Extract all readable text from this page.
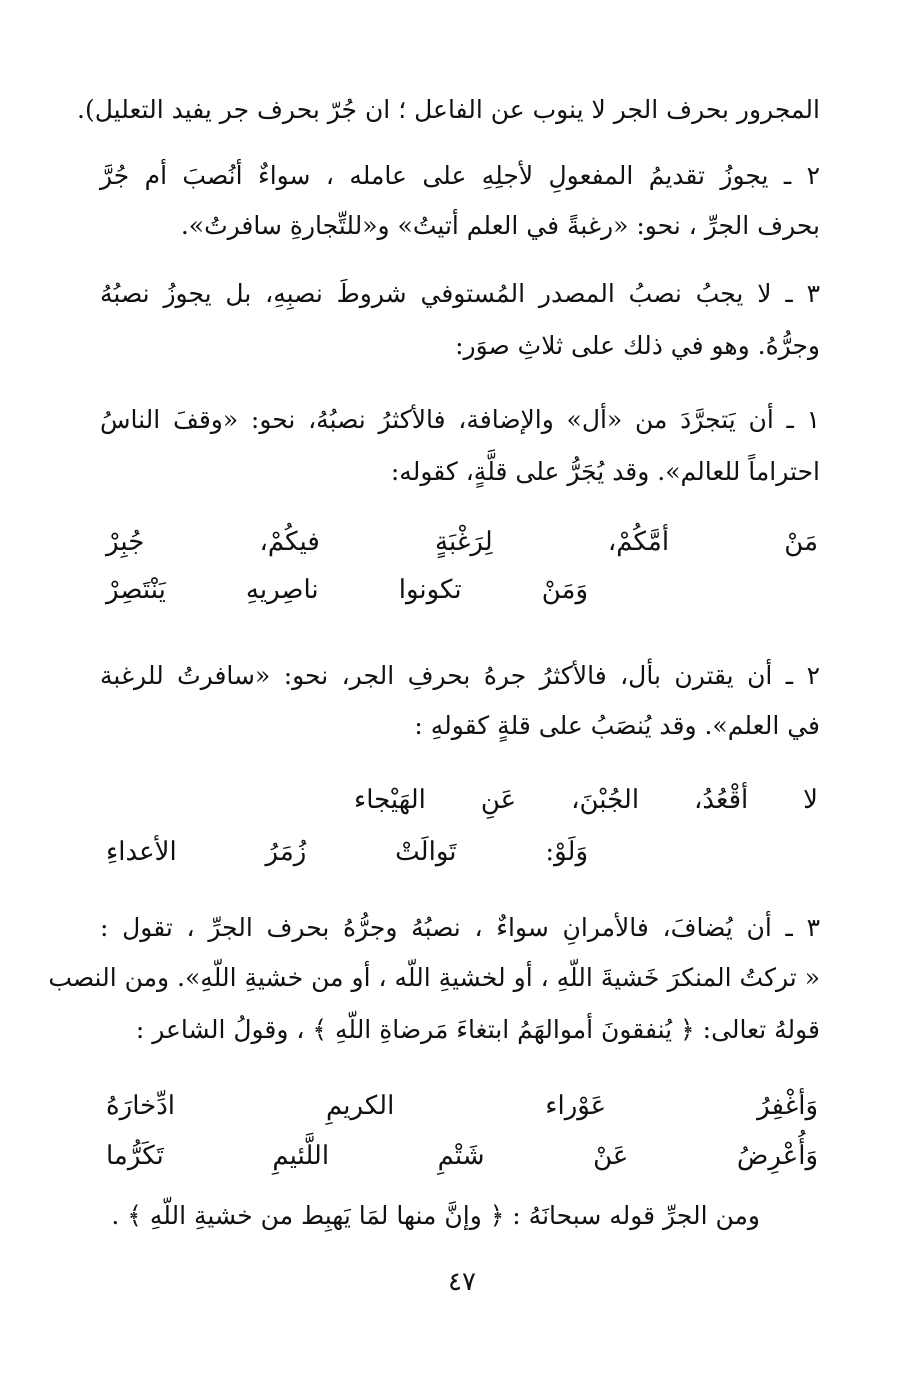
المجرور بحرف الجر لا ينوب عن الفاعل ؛ ان جُرّ بحرف جر يفيد التعليل).
٢ ـ يجوزُ تقديمُ المفعولِ لأجلِهِ على عامله ، سواءٌ أنُصبَ أم جُرَّ
بحرف الجرِّ ، نحو: «رغبةً في العلم أتيتُ» و«للتِّجارةِ سافرتُ».
٣ ـ لا يجبُ نصبُ المصدر المُستوفي شروطَ نصبِهِ، بل يجوزُ نصبُهُ
وجرُّهُ. وهو في ذلك على ثلاثِ صوَر:
١ ـ أن يَتجرَّدَ من «أل» والإضافة، فالأكثرُ نصبُهُ، نحو: «وقفَ الناسُ
احتراماً للعالم». وقد يُجَرُّ على قلَّةٍ، كقوله:
مَنْ
أمَّكُمْ،
لِرَغْبَةٍ
فيكُمْ،
جُبِرْ
وَمَنْ
تكونوا
ناصِريهِ
يَنْتَصِرْ
٢ ـ أن يقترن بأل، فالأكثرُ جرهُ بحرفِ الجر، نحو: «سافرتُ للرغبة
في العلم». وقد يُنصَبُ على قلةٍ كقولهِ :
لا
أقْعُدُ،
الجُبْنَ،
عَنِ
الهَيْجاء
وَلَوْ:
تَوالَتْ
زُمَرُ
الأعداءِ
٣ ـ أن يُضافَ، فالأمرانِ سواءٌ ، نصبُهُ وجرُّهُ بحرف الجرِّ ، تقول :
« تركتُ المنكرَ خَشيةَ اللّهِ ، أو لخشيةِ اللّه ، أو من خشيةِ اللّهِ». ومن النصب
قولهُ تعالى: ﴿ يُنفقونَ أموالهَمُ ابتغاءَ مَرضاةِ اللّهِ ﴾ ، وقولُ الشاعر :
وَأغْفِرُ
عَوْراء
الكريمِ
ادِّخارَهُ
وَأُعْرِضُ
عَنْ
شَتْمِ
اللَّئيمِ
تَكَرُّما
ومن الجرِّ قوله سبحانَهُ : ﴿ وإنَّ منها لمَا يَهبِط من خشيةِ اللّهِ ﴾ .
٤٧
